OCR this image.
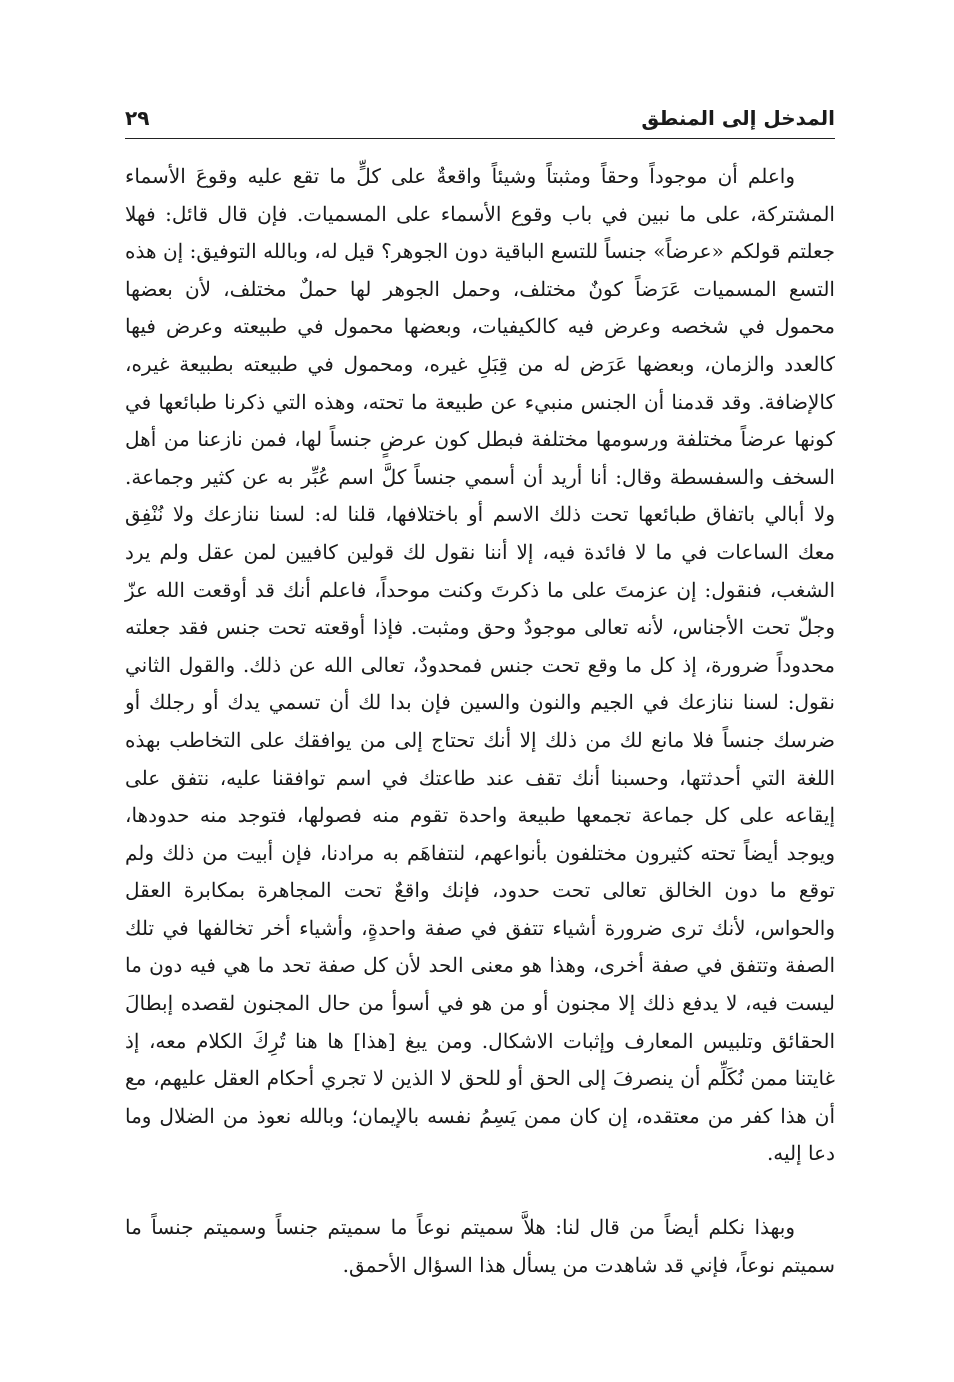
المدخل إلى المنطق
٢٩

واعلم أن موجوداً وحقاً ومثبتاً وشيئاً واقعةٌ على كلٍّ ما تقع عليه وقوعَ الأسماء المشتركة، على ما نبين في باب وقوع الأسماء على المسميات. فإن قال قائل: فهلا جعلتم قولكم «عرضاً» جنساً للتسع الباقية دون الجوهر؟ قيل له، وبالله التوفيق: إن هذه التسع المسميات عَرَضاً كونٌ مختلف، وحمل الجوهر لها حملٌ مختلف، لأن بعضها محمول في شخصه وعرض فيه كالكيفيات، وبعضها محمول في طبيعته وعرض فيها كالعدد والزمان، وبعضها عَرَض له من قِبَلِ غيره، ومحمول في طبيعته بطبيعة غيره، كالإضافة. وقد قدمنا أن الجنس منبيء عن طبيعة ما تحته، وهذه التي ذكرنا طبائعها في كونها عرضاً مختلفة ورسومها مختلفة فبطل كون عرضٍ جنساً لها، فمن نازعنا من أهل السخف والسفسطة وقال: أنا أريد أن أسمي جنساً كلَّ اسم عُبِّر به عن كثير وجماعة. ولا أبالي باتفاق طبائعها تحت ذلك الاسم أو باختلافها، قلنا له: لسنا ننازعك ولا نُنْفِق معك الساعات في ما لا فائدة فيه، إلا أننا نقول لك قولين كافيين لمن عقل ولم يرد الشغب، فنقول: إن عزمتَ على ما ذكرتَ وكنت موحداً، فاعلم أنك قد أوقعت الله عزّ وجلّ تحت الأجناس، لأنه تعالى موجودٌ وحق ومثبت. فإذا أوقعته تحت جنس فقد جعلته محدوداً ضرورة، إذ كل ما وقع تحت جنس فمحدودٌ، تعالى الله عن ذلك. والقول الثاني نقول: لسنا ننازعك في الجيم والنون والسين فإن بدا لك أن تسمي يدك أو رجلك أو ضرسك جنساً فلا مانع لك من ذلك إلا أنك تحتاج إلى من يوافقك على التخاطب بهذه اللغة التي أحدثتها، وحسبنا أنك تقف عند طاعتك في اسم توافقنا عليه، نتفق على إيقاعه على كل جماعة تجمعها طبيعة واحدة تقوم منه فصولها، فتوجد منه حدودها، ويوجد أيضاً تحته كثيرون مختلفون بأنواعهم، لنتفاهَم به مرادنا، فإن أبيت من ذلك ولم توقع ما دون الخالق تعالى تحت حدود، فإنك واقعٌ تحت المجاهرة بمكابرة العقل والحواس، لأنك ترى ضرورة أشياء تتفق في صفة واحدةٍ، وأشياء أخر تخالفها في تلك الصفة وتتفق في صفة أخرى، وهذا هو معنى الحد لأن كل صفة تحد ما هي فيه دون ما ليست فيه، لا يدفع ذلك إلا مجنون أو من هو في أسوأ من حال المجنون لقصده إبطالَ الحقائق وتلبيس المعارف وإثبات الاشكال. ومن يبغ [هذا] ها هنا تُرِكَ الكلام معه، إذ غايتنا ممن نُكَلِّم أن ينصرفَ إلى الحق أو للحق لا الذين لا تجري أحكام العقل عليهم، مع أن هذا كفر من معتقده، إن كان ممن يَسِمُ نفسه بالإيمان؛ وبالله نعوذ من الضلال وما دعا إليه.

وبهذا نكلم أيضاً من قال لنا: هلاَّ سميتم نوعاً ما سميتم جنساً وسميتم جنساً ما سميتم نوعاً، فإني قد شاهدت من يسأل هذا السؤال الأحمق.
